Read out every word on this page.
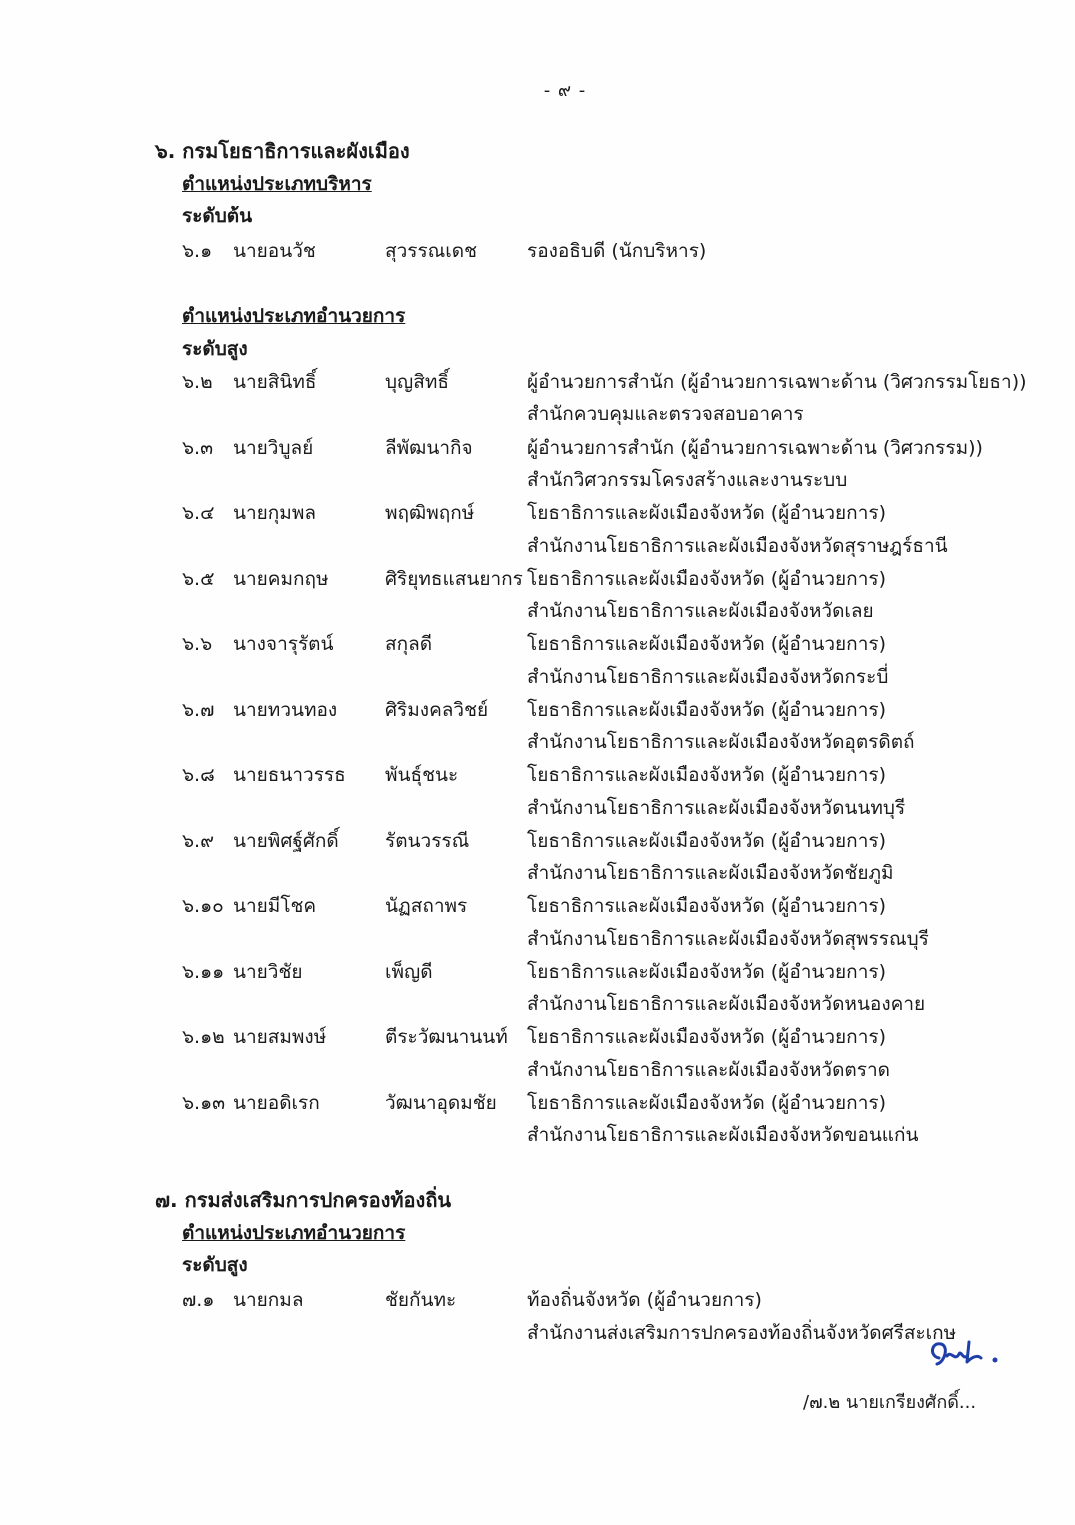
- ๙ -
๖. กรมโยธาธิการและผังเมือง
ตำแหน่งประเภทบริหาร
ระดับต้น
๖.๑ นายอนวัช	สุวรรณเดช	รองอธิบดี (นักบริหาร)
ตำแหน่งประเภทอำนวยการ
ระดับสูง
๖.๒ นายสินิทธิ์	บุญสิทธิ์	ผู้อำนวยการสำนัก (ผู้อำนวยการเฉพาะด้าน (วิศวกรรมโยธา))
สำนักควบคุมและตรวจสอบอาคาร
๖.๓ นายวิบูลย์	ลีพัฒนากิจ	ผู้อำนวยการสำนัก (ผู้อำนวยการเฉพาะด้าน (วิศวกรรม))
สำนักวิศวกรรมโครงสร้างและงานระบบ
๖.๔ นายกุมพล	พฤฒิพฤกษ์	โยธาธิการและผังเมืองจังหวัด (ผู้อำนวยการ)
สำนักงานโยธาธิการและผังเมืองจังหวัดสุราษฎร์ธานี
๖.๕ นายคมกฤษ	ศิริยุทธแสนยากร โยธาธิการและผังเมืองจังหวัด (ผู้อำนวยการ)
สำนักงานโยธาธิการและผังเมืองจังหวัดเลย
๖.๖ นางจารุรัตน์	สกุลดี	โยธาธิการและผังเมืองจังหวัด (ผู้อำนวยการ)
สำนักงานโยธาธิการและผังเมืองจังหวัดกระบี่
๖.๗ นายทวนทอง	ศิริมงคลวิชย์ โยธาธิการและผังเมืองจังหวัด (ผู้อำนวยการ)
สำนักงานโยธาธิการและผังเมืองจังหวัดอุตรดิตถ์
๖.๘ นายธนาวรรธ พันธุ์ชนะ	โยธาธิการและผังเมืองจังหวัด (ผู้อำนวยการ)
สำนักงานโยธาธิการและผังเมืองจังหวัดนนทบุรี
๖.๙ นายพิศฐ์ศักดิ์ รัตนวรรณี	โยธาธิการและผังเมืองจังหวัด (ผู้อำนวยการ)
สำนักงานโยธาธิการและผังเมืองจังหวัดชัยภูมิ
๖.๑๐ นายมีโชค	นัฏสถาพร	โยธาธิการและผังเมืองจังหวัด (ผู้อำนวยการ)
สำนักงานโยธาธิการและผังเมืองจังหวัดสุพรรณบุรี
๖.๑๑ นายวิชัย	เพ็ญดี	โยธาธิการและผังเมืองจังหวัด (ผู้อำนวยการ)
สำนักงานโยธาธิการและผังเมืองจังหวัดหนองคาย
๖.๑๒ นายสมพงษ์	ตีระวัฒนานนท์ โยธาธิการและผังเมืองจังหวัด (ผู้อำนวยการ)
สำนักงานโยธาธิการและผังเมืองจังหวัดตราด
๖.๑๓ นายอดิเรก	วัฒนาอุดมชัย โยธาธิการและผังเมืองจังหวัด (ผู้อำนวยการ)
สำนักงานโยธาธิการและผังเมืองจังหวัดขอนแก่น
๗. กรมส่งเสริมการปกครองท้องถิ่น
ตำแหน่งประเภทอำนวยการ
ระดับสูง
๗.๑ นายกมล	ชัยกันทะ	ท้องถิ่นจังหวัด (ผู้อำนวยการ)
สำนักงานส่งเสริมการปกครองท้องถิ่นจังหวัดศรีสะเกษ
/๗.๒ นายเกรียงศักดิ์...
